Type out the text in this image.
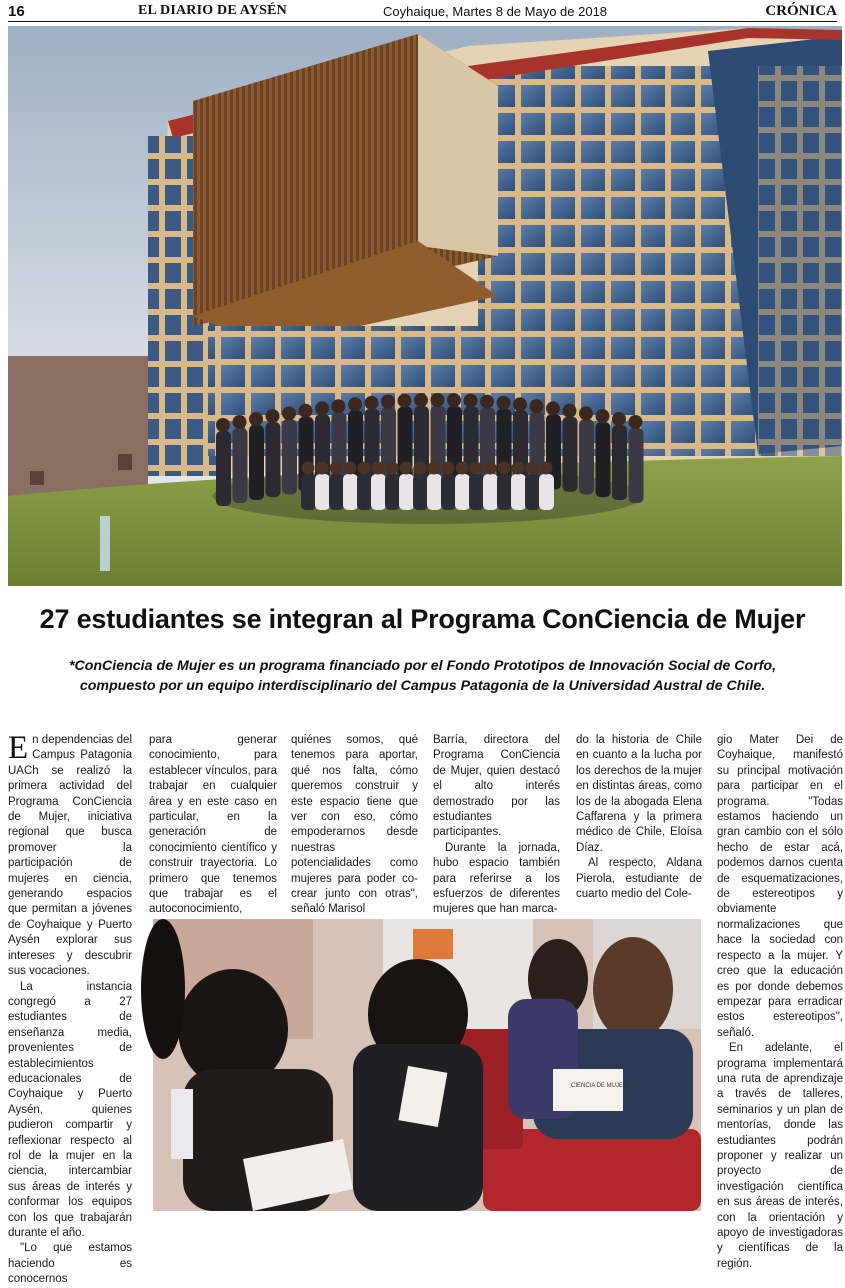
16	EL DIARIO DE AYSÉN	Coyhaique, Martes 8 de Mayo de 2018	CRÓNICA
27 estudiantes se integran al Programa ConCiencia de Mujer
*ConCiencia de Mujer es un programa financiado por el Fondo Prototipos de Innovación Social de Corfo, compuesto por un equipo interdisciplinario del Campus Patagonia de la Universidad Austral de Chile.

En dependencias del Campus Patagonia UACh se realizó la primera actividad del Programa ConCiencia de Mujer, iniciativa regional que busca promover la participación de mujeres en ciencia, generando espacios que permitan a jóvenes de Coyhaique y Puerto Aysén explorar sus intereses y descubrir sus vocaciones.

La instancia congregó a 27 estudiantes de enseñanza media, provenientes de establecimientos educacionales de Coyhaique y Puerto Aysén, quienes pudieron compartir y reflexionar respecto al rol de la mujer en la ciencia, intercambiar sus áreas de interés y conformar los equipos con los que trabajarán durante el año.

"Lo que estamos haciendo es conocernos

para generar conocimiento, para establecer vínculos, para trabajar en cualquier área y en este caso en particular, en la generación de conocimiento científico y construir trayectoria. Lo primero que tenemos que trabajar es el autoconocimiento,

quiénes somos, qué tenemos para aportar, qué nos falta, cómo queremos construir y este espacio tiene que ver con eso, cómo empoderarnos desde nuestras potencialidades como mujeres para poder co-crear junto con otras", señaló Marisol

Barría, directora del Programa ConCiencia de Mujer, quien destacó el alto interés demostrado por las estudiantes participantes.

Durante la jornada, hubo espacio también para referirse a los esfuerzos de diferentes mujeres que han marca-

do la historia de Chile en cuanto a la lucha por los derechos de la mujer en distintas áreas, como los de la abogada Elena Caffarena y la primera médico de Chile, Eloísa Díaz.

Al respecto, Aldana Pierola, estudiante de cuarto medio del Cole-

gio Mater Dei de Coyhaique, manifestó su principal motivación para participar en el programa. "Todas estamos haciendo un gran cambio con el sólo hecho de estar acá, podemos darnos cuenta de esquematizaciones, de estereotipos y obviamente normalizaciones que hace la sociedad con respecto a la mujer. Y creo que la educación es por donde debemos empezar para erradicar estos estereotipos", señaló.

En adelante, el programa implementará una ruta de aprendizaje a través de talleres, seminarios y un plan de mentorías, donde las estudiantes podrán proponer y realizar un proyecto de investigación científica en sus áreas de interés, con la orientación y apoyo de investigadoras y científicas de la región.

CIENCIA DE MUJER
